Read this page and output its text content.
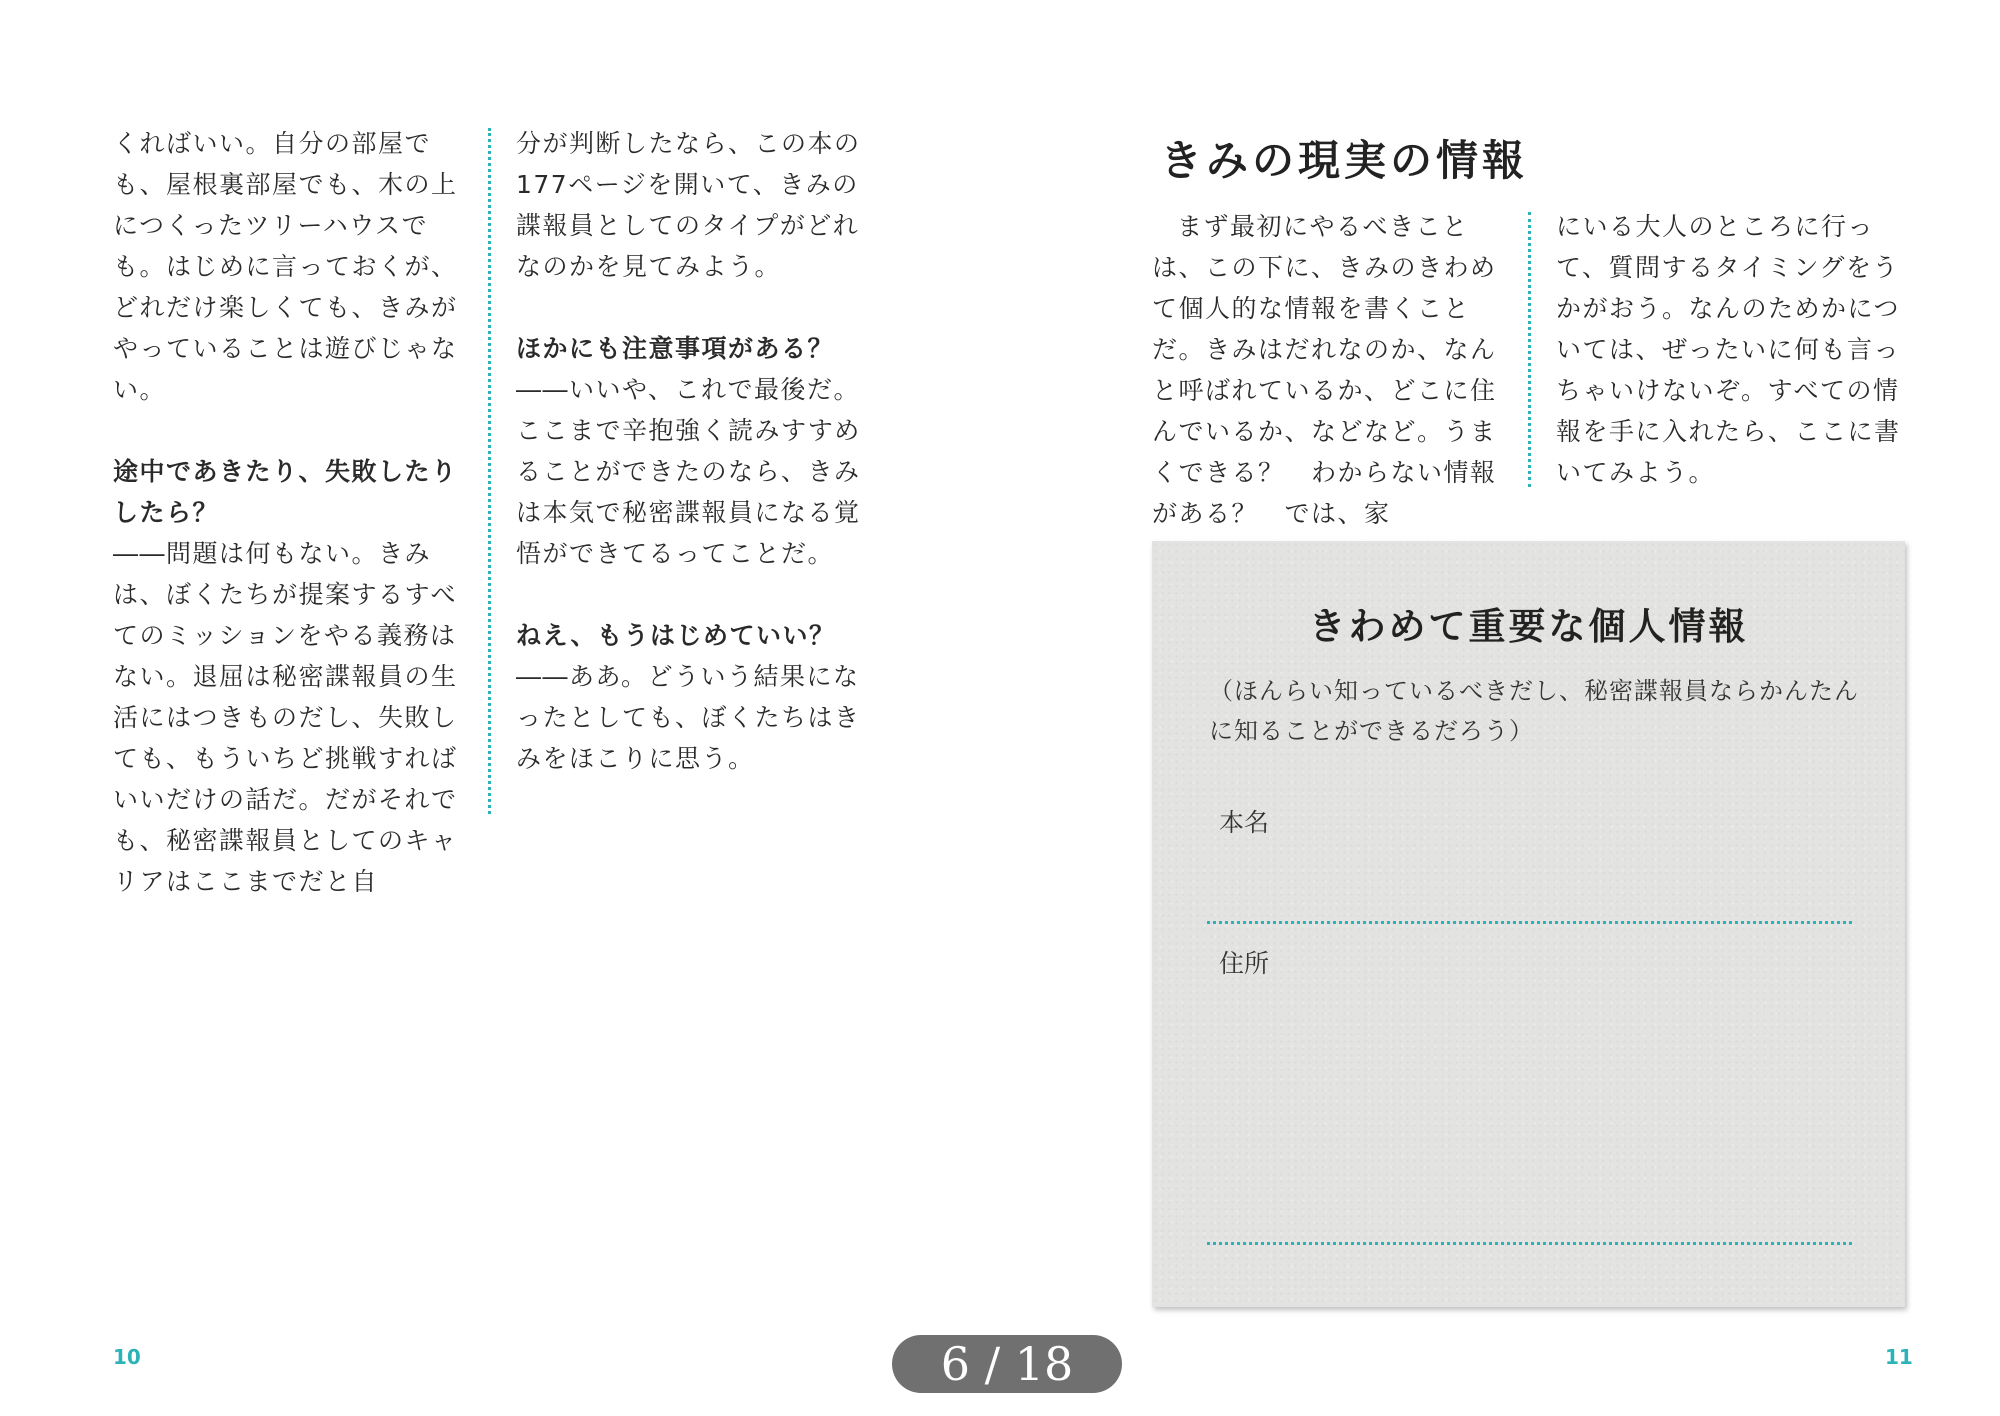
くればいい。自分の部屋でも、屋根裏部屋でも、木の上につくったツリーハウスでも。はじめに言っておくが、どれだけ楽しくても、きみがやっていることは遊びじゃない。

途中であきたり、失敗したりしたら？

――問題は何もない。きみは、ぼくたちが提案するすべてのミッションをやる義務はない。退屈は秘密諜報員の生活にはつきものだし、失敗しても、もういちど挑戦すればいいだけの話だ。だがそれでも、秘密諜報員としてのキャリアはここまでだと自

分が判断したなら、この本の177ページを開いて、きみの諜報員としてのタイプがどれなのかを見てみよう。

ほかにも注意事項がある？

――いいや、これで最後だ。ここまで辛抱強く読みすすめることができたのなら、きみは本気で秘密諜報員になる覚悟ができてるってことだ。

ねえ、もうはじめていい？

――ああ。どういう結果になったとしても、ぼくたちはきみをほこりに思う。

10
きみの現実の情報

まず最初にやるべきことは、この下に、きみのきわめて個人的な情報を書くことだ。きみはだれなのか、なんと呼ばれているか、どこに住んでいるか、などなど。うまくできる？　わからない情報がある？　では、家

にいる大人のところに行って、質問するタイミングをうかがおう。なんのためかについては、ぜったいに何も言っちゃいけないぞ。すべての情報を手に入れたら、ここに書いてみよう。

きわめて重要な個人情報
（ほんらい知っているべきだし、秘密諜報員ならかんたんに知ることができるだろう）
本名
住所
11
6 / 18
